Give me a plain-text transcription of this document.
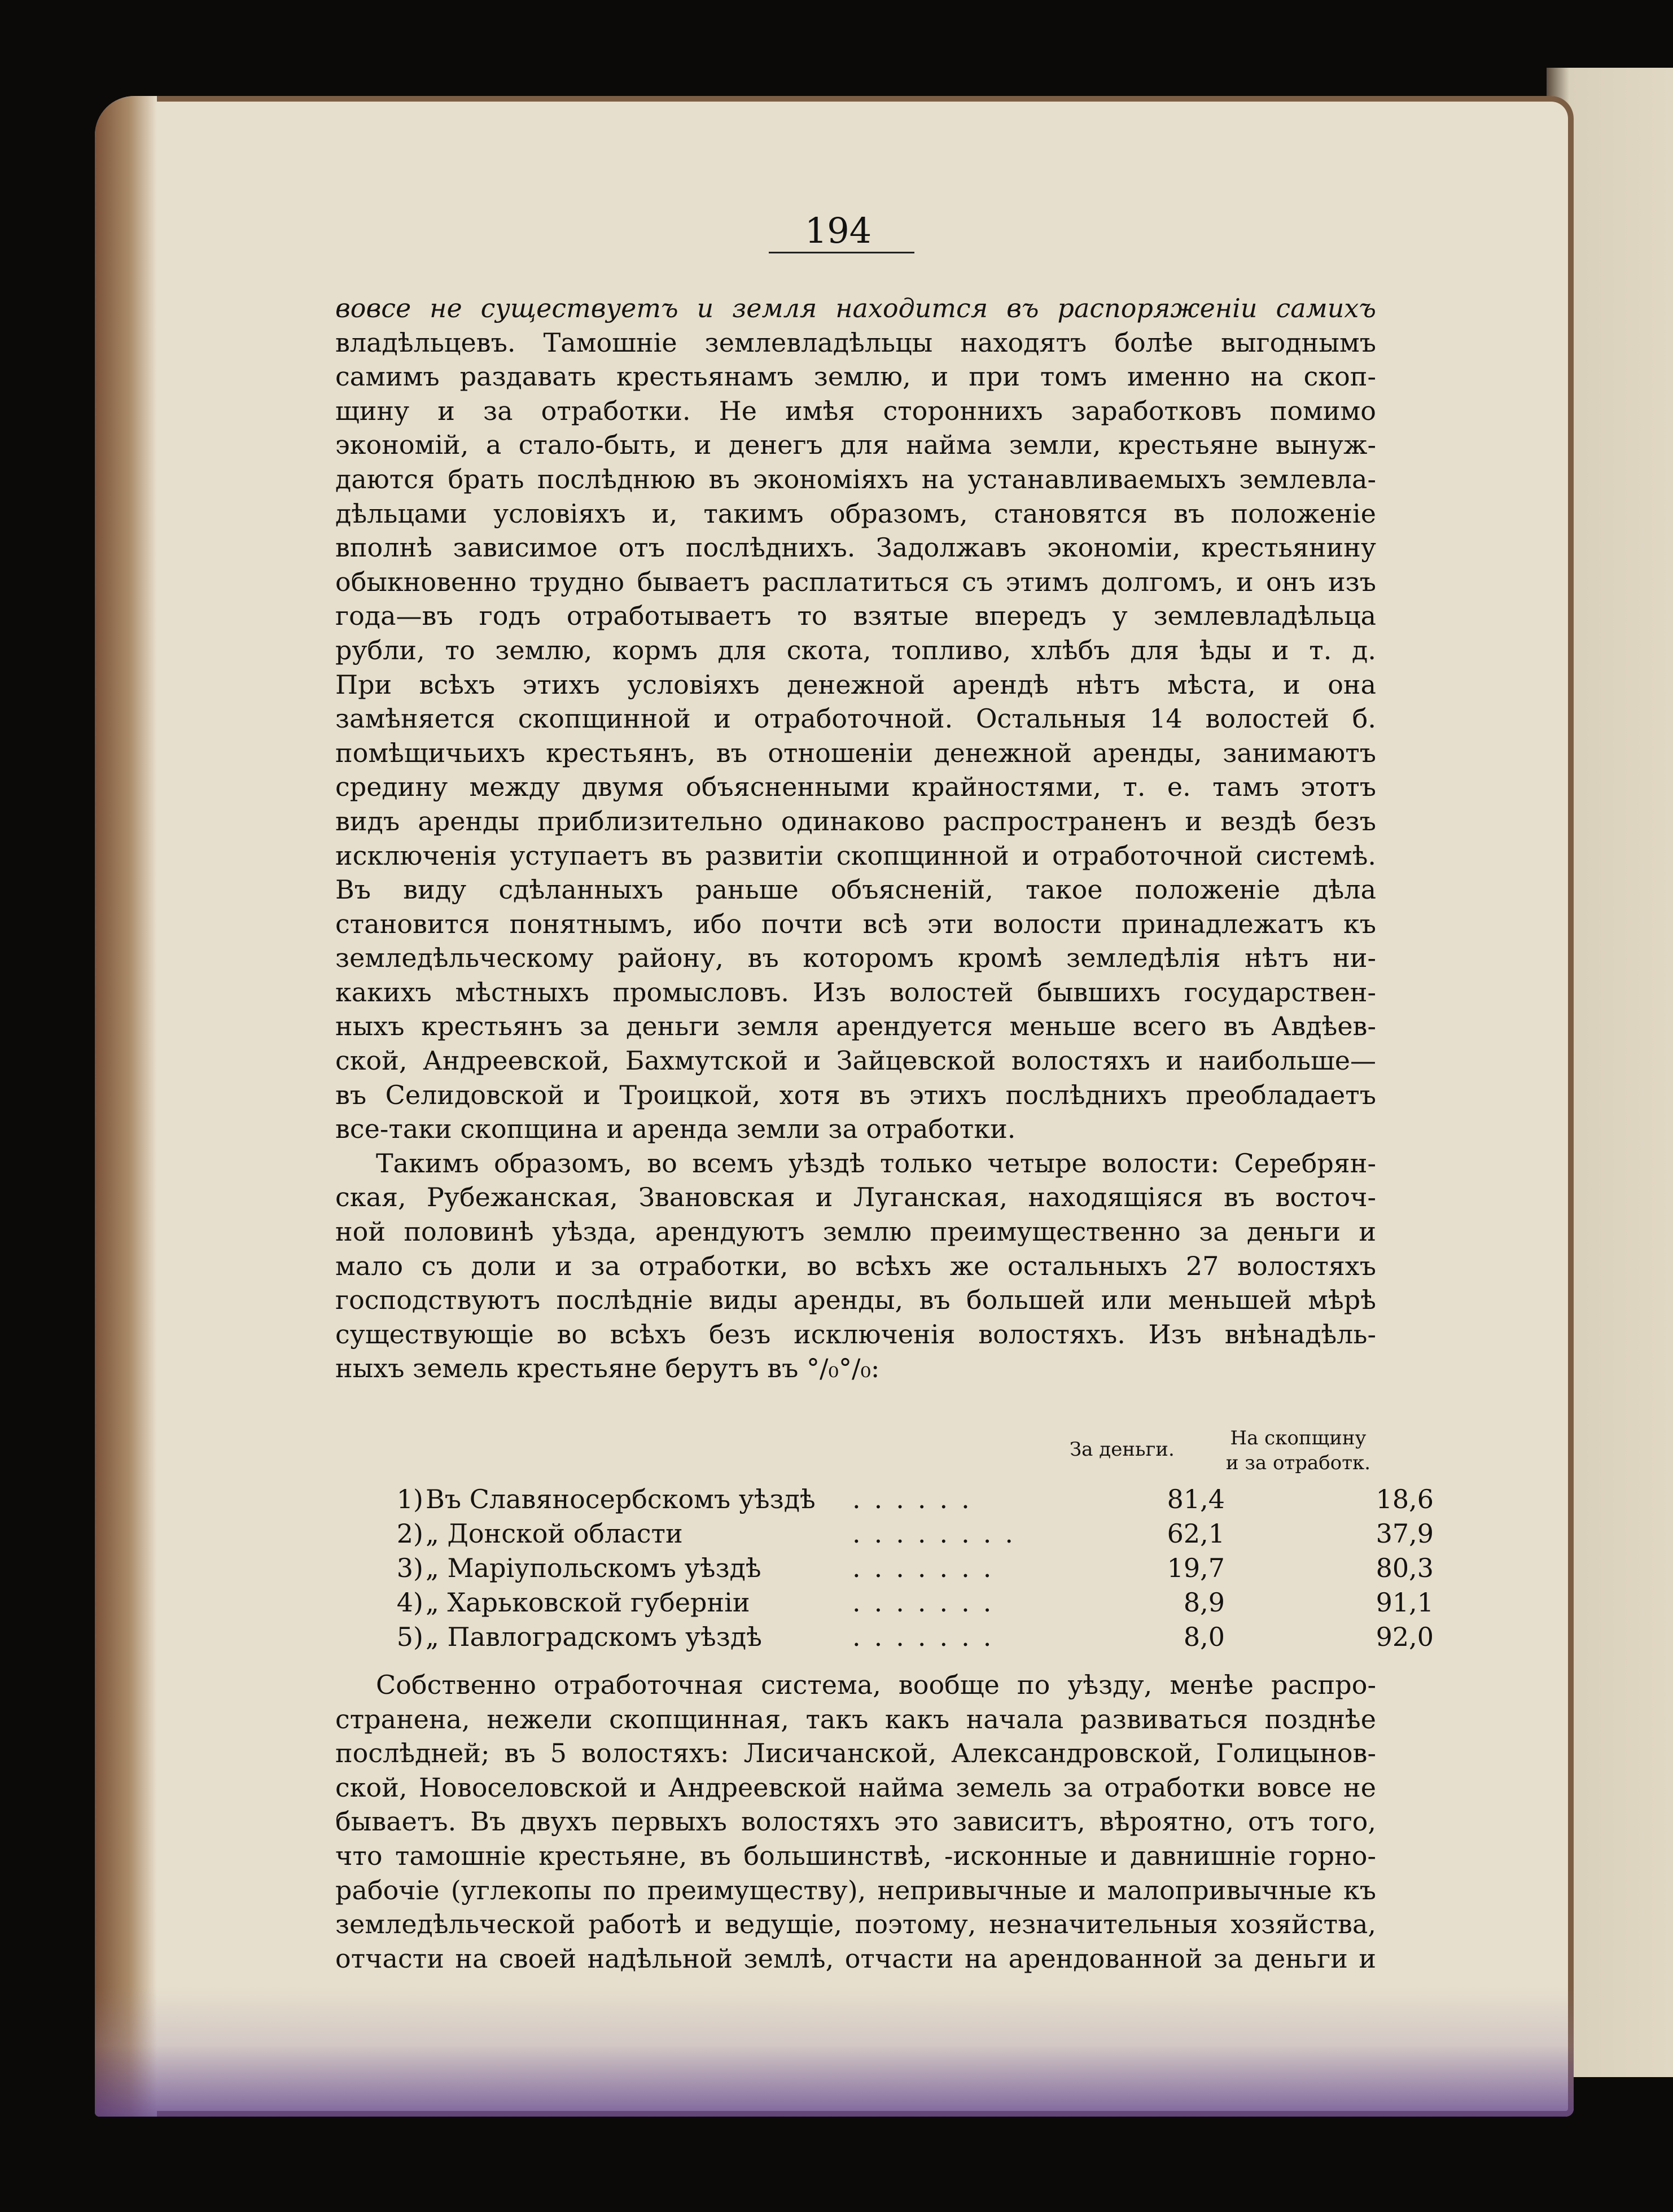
194
вовсе не существуетъ и земля находится въ распоряженіи самихъ
владѣльцевъ. Тамошніе землевладѣльцы находятъ болѣе выгоднымъ
самимъ раздавать крестьянамъ землю, и при томъ именно на скоп-
щину и за отработки. Не имѣя стороннихъ заработковъ помимо
экономій, а стало-быть, и денегъ для найма земли, крестьяне вынуж-
даются брать послѣднюю въ экономіяхъ на устанавливаемыхъ землевла-
дѣльцами условіяхъ и, такимъ образомъ, становятся въ положеніе
вполнѣ зависимое отъ послѣднихъ. Задолжавъ экономіи, крестьянину
обыкновенно трудно бываетъ расплатиться съ этимъ долгомъ, и онъ изъ
года—въ годъ отработываетъ то взятые впередъ у землевладѣльца
рубли, то землю, кормъ для скота, топливо, хлѣбъ для ѣды и т. д.
При всѣхъ этихъ условіяхъ денежной арендѣ нѣтъ мѣста, и она
замѣняется скопщинной и отработочной. Остальныя 14 волостей б.
помѣщичьихъ крестьянъ, въ отношеніи денежной аренды, занимаютъ
средину между двумя объясненными крайностями, т. е. тамъ этотъ
видъ аренды приблизительно одинаково распространенъ и вездѣ безъ
исключенія уступаетъ въ развитіи скопщинной и отработочной системѣ.
Въ виду сдѣланныхъ раньше объясненій, такое положеніе дѣла
становится понятнымъ, ибо почти всѣ эти волости принадлежатъ къ
земледѣльческому району, въ которомъ кромѣ земледѣлія нѣтъ ни-
какихъ мѣстныхъ промысловъ. Изъ волостей бывшихъ государствен-
ныхъ крестьянъ за деньги земля арендуется меньше всего въ Авдѣев-
ской, Андреевской, Бахмутской и Зайцевской волостяхъ и наибольше—
въ Селидовской и Троицкой, хотя въ этихъ послѣднихъ преобладаетъ
все-таки скопщина и аренда земли за отработки.
Такимъ образомъ, во всемъ уѣздѣ только четыре волости: Серебрян-
ская, Рубежанская, Звановская и Луганская, находящіяся въ восточ-
ной половинѣ уѣзда, арендуютъ землю преимущественно за деньги и
мало съ доли и за отработки, во всѣхъ же остальныхъ 27 волостяхъ
господствуютъ послѣдніе виды аренды, въ большей или меньшей мѣрѣ
существующіе во всѣхъ безъ исключенія волостяхъ. Изъ внѣнадѣль-
ныхъ земель крестьяне берутъ въ °/₀°/₀:
За деньги.	На скопщину
и за отработк.
1) Въ Славяносербскомъ уѣздѣ ......	81,4	18,6
2) „ Донской области	........	62,1	37,9
3) „ Маріупольскомъ уѣздѣ	.......	19,7	80,3
4) „ Харьковской губерніи	.......	8,9	91,1
5) „ Павлоградскомъ уѣздѣ	.......	8,0	92,0
Собственно отработочная система, вообще по уѣзду, менѣе распро-
странена, нежели скопщинная, такъ какъ начала развиваться позднѣе
послѣдней; въ 5 волостяхъ: Лисичанской, Александровской, Голицынов-
ской, Новоселовской и Андреевской найма земель за отработки вовсе не
бываетъ. Въ двухъ первыхъ волостяхъ это зависитъ, вѣроятно, отъ того,
что тамошніе крестьяне, въ большинствѣ, -исконные и давнишніе горно-
рабочіе (углекопы по преимуществу), непривычные и малопривычные къ
земледѣльческой работѣ и ведущіе, поэтому, незначительныя хозяйства,
отчасти на своей надѣльной землѣ, отчасти на арендованной за деньги и
